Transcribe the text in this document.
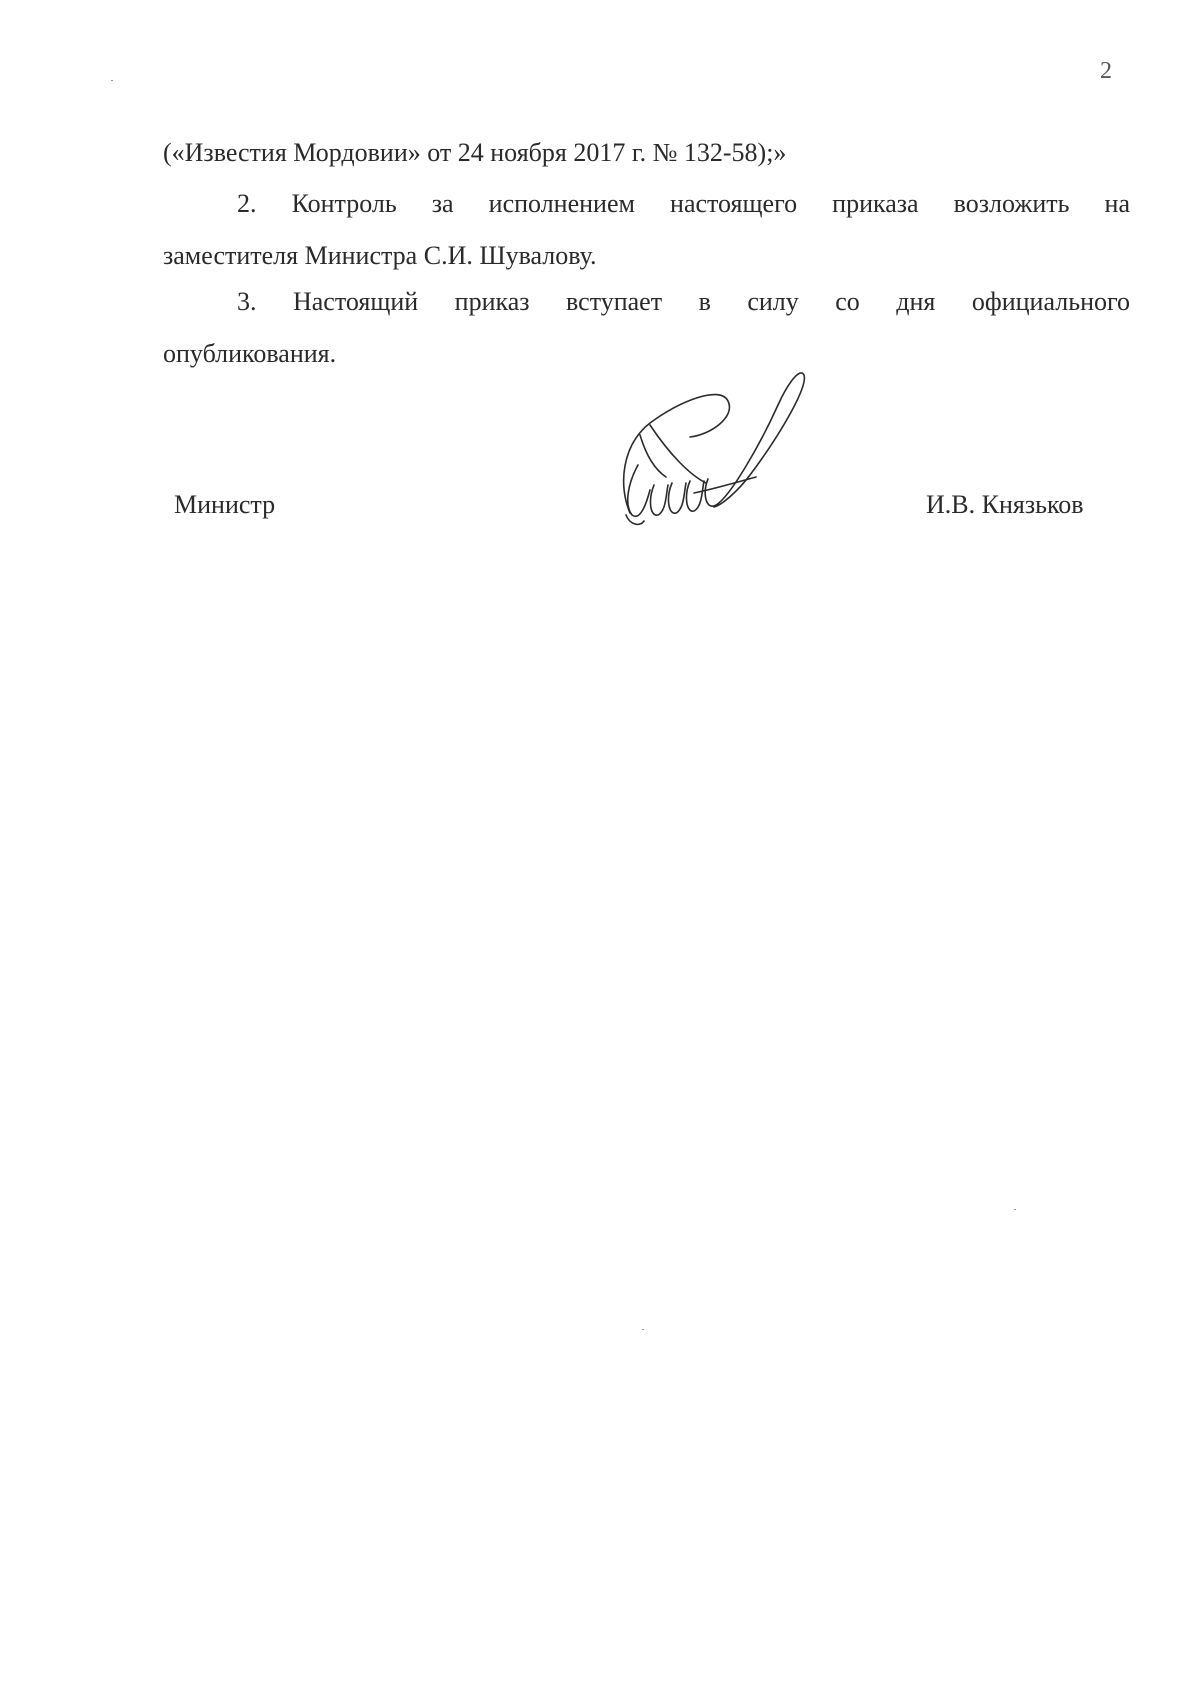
2
(«Известия Мордовии» от 24 ноября 2017 г. № 132-58);»
2. Контроль за исполнением настоящего приказа возложить на
заместителя Министра С.И. Шувалову.
3. Настоящий приказ вступает в силу со дня официального
опубликования.
Министр	И.В. Князьков
